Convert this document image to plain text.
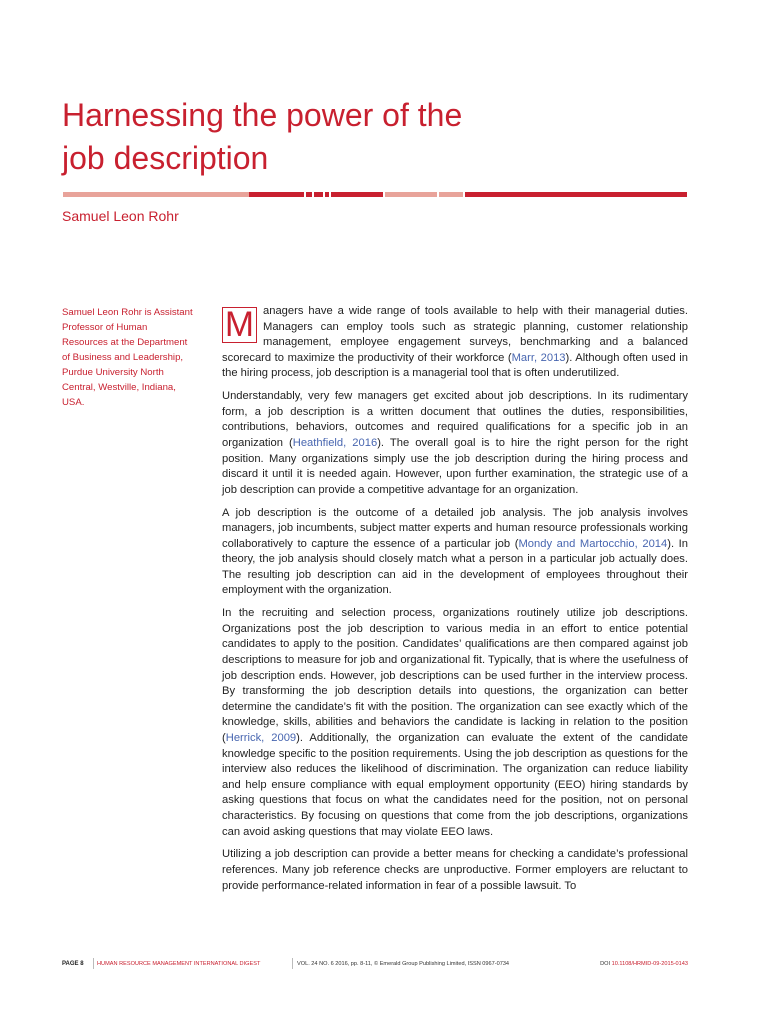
Harnessing the power of the
job description
Samuel Leon Rohr
Samuel Leon Rohr is Assistant Professor of Human Resources at the Department of Business and Leadership, Purdue University North Central, Westville, Indiana, USA.

M anagers have a wide range of tools available to help with their managerial duties. Managers can employ tools such as strategic planning, customer relationship management, employee engagement surveys, benchmarking and a balanced scorecard to maximize the productivity of their workforce (Marr, 2013). Although often used in the hiring process, job description is a managerial tool that is often underutilized.

Understandably, very few managers get excited about job descriptions. In its rudimentary form, a job description is a written document that outlines the duties, responsibilities, contributions, behaviors, outcomes and required qualifications for a specific job in an organization (Heathfield, 2016). The overall goal is to hire the right person for the right position. Many organizations simply use the job description during the hiring process and discard it until it is needed again. However, upon further examination, the strategic use of a job description can provide a competitive advantage for an organization.

A job description is the outcome of a detailed job analysis. The job analysis involves managers, job incumbents, subject matter experts and human resource professionals working collaboratively to capture the essence of a particular job (Mondy and Martocchio, 2014). In theory, the job analysis should closely match what a person in a particular job actually does. The resulting job description can aid in the development of employees throughout their employment with the organization.

In the recruiting and selection process, organizations routinely utilize job descriptions. Organizations post the job description to various media in an effort to entice potential candidates to apply to the position. Candidates’ qualifications are then compared against job descriptions to measure for job and organizational fit. Typically, that is where the usefulness of job description ends. However, job descriptions can be used further in the interview process. By transforming the job description details into questions, the organization can better determine the candidate’s fit with the position. The organization can see exactly which of the knowledge, skills, abilities and behaviors the candidate is lacking in relation to the position (Herrick, 2009). Additionally, the organization can evaluate the extent of the candidate knowledge specific to the position requirements. Using the job description as questions for the interview also reduces the likelihood of discrimination. The organization can reduce liability and help ensure compliance with equal employment opportunity (EEO) hiring standards by asking questions that focus on what the candidates need for the position, not on personal characteristics. By focusing on questions that come from the job descriptions, organizations can avoid asking questions that may violate EEO laws.

Utilizing a job description can provide a better means for checking a candidate’s professional references. Many job reference checks are unproductive. Former employers are reluctant to provide performance-related information in fear of a possible lawsuit. To

PAGE 8 HUMAN RESOURCE MANAGEMENT INTERNATIONAL DIGEST	VOL. 24 NO. 6 2016, pp. 8-11, © Emerald Group Publishing Limited, ISSN 0967-0734	DOI 10.1108/HRMID-09-2015-0143
